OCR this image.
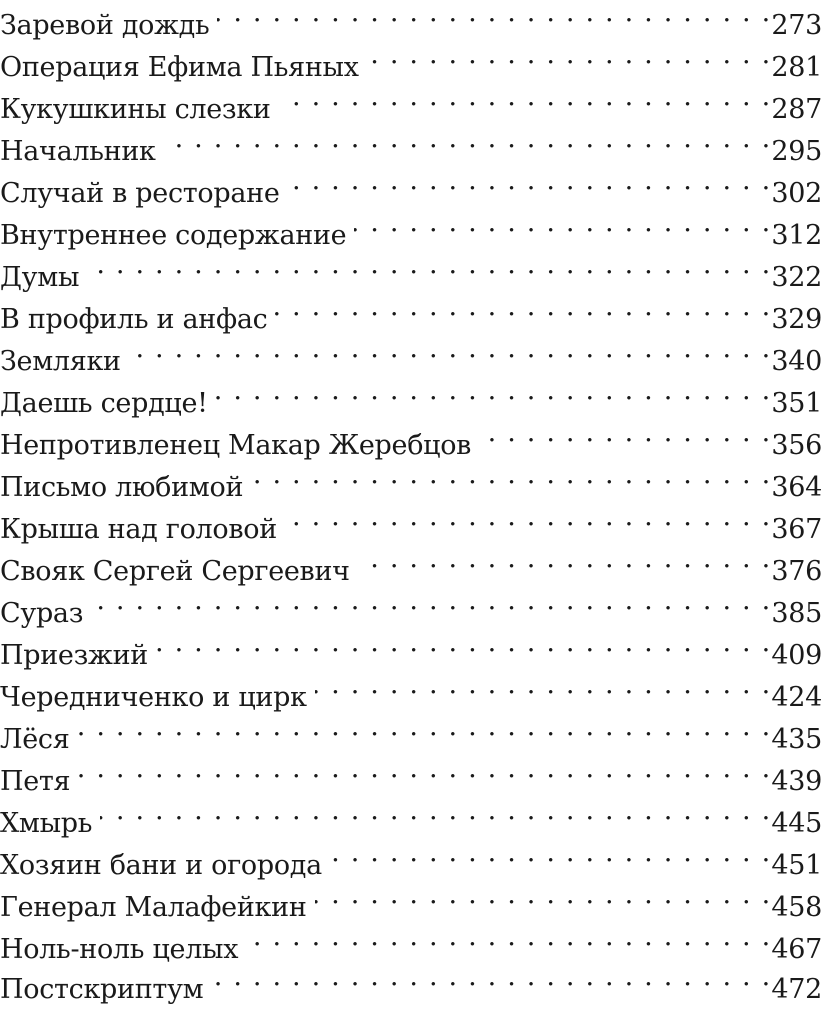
Заревой дождь . . .	273
Операция Ефима Пьяных . . .	281
Кукушкины слезки . . .	287
Начальник . . .	295
Случай в ресторане . . .	302
Внутреннее содержание . . .	312
Думы . . .	322
В профиль и анфас . . .	329
Земляки . . .	340
Даешь сердце! . . .	351
Непротивленец Макар Жеребцов . . .	356
Письмо любимой . . .	364
Крыша над головой . . .	367
Свояк Сергей Сергеевич . . .	376
Сураз . . .	385
Приезжий . . .	409
Чередниченко и цирк . . .	424
Лёся . . .	435
Петя . . .	439
Хмырь . . .	445
Хозяин бани и огорода . . .	451
Генерал Малафейкин . . .	458
Ноль-ноль целых . . .	467
Постскриптум . . .	472
